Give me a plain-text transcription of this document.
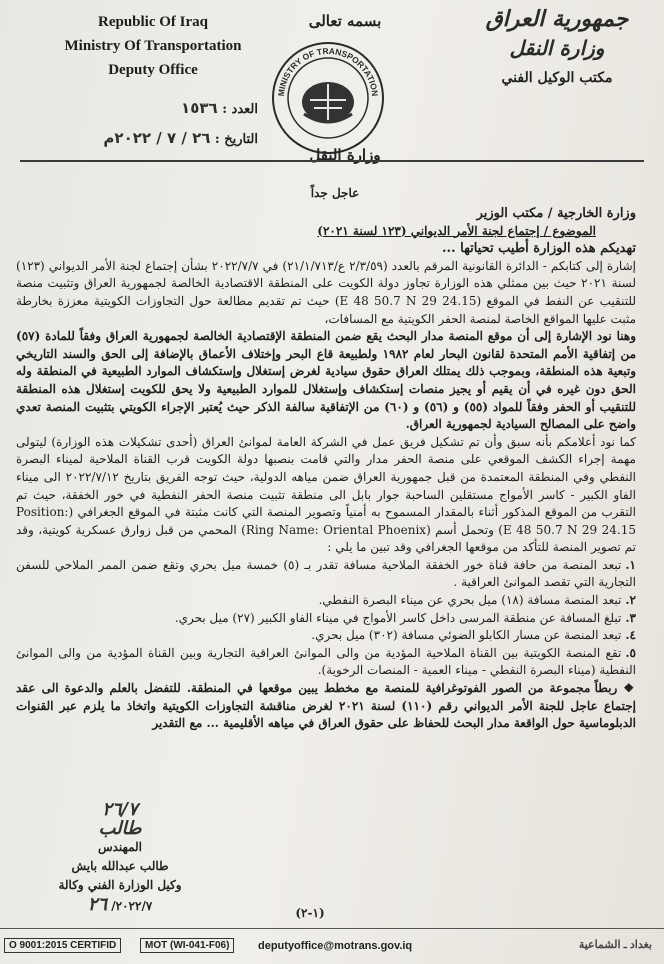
Republic Of Iraq
Ministry Of Transportation
Deputy Office
جمهورية العراق
وزارة النقل
مكتب الوكيل الفني
بسمه تعالى
MINISTRY OF TRANSPORTATION
وزارة النقل
العدد : ١٥٣٦
التاريخ : ٢٦ / ٧ / ٢٠٢٢م
عاجل جداً

وزارة الخارجية / مكتب الوزير

الموضوع / إجتماع لجنة الأمر الديواني (١٢٣ لسنة ٢٠٢١)

تهديكم هذه الوزارة أطيب تحياتها ...

إشارة إلى كتابكم - الدائرة القانونية المرقم بالعدد (٢/٣/٥٩ ع/٢١/١/٧١٣) في ٢٠٢٢/٧/٧ بشأن إجتماع لجنة الأمر الديواني (١٢٣) لسنة ٢٠٢١ حيث بين ممثلي هذه الوزارة تجاوز دولة الكويت على المنطقة الاقتصادية الخالصة لجمهورية العراق وتثبيت منصة للتنقيب عن النفط في الموقع (E 48 50.7 N 29 24.15) حيث تم تقديم مطالعة حول التجاوزات الكويتية معززة بخارطة مثبت عليها المواقع الخاصة لمنصة الحفر الكويتية مع المسافات،

وهنا نود الإشارة إلى أن موقع المنصة مدار البحث يقع ضمن المنطقة الإقتصادية الخالصة لجمهورية العراق وفقاً للمادة (٥٧) من إتفاقية الأمم المتحدة لقانون البحار لعام ١٩٨٢ ولطبيعة قاع البحر وإختلاف الأعماق بالإضافة إلى الحق والسند التاريخي وتبعية هذه المنطقة، وبموجب ذلك يمتلك العراق حقوق سيادية لغرض إستغلال وإستكشاف الموارد الطبيعية في المنطقة وله الحق دون غيره في أن يقيم أو يجيز منصات إستكشاف وإستغلال للموارد الطبيعية ولا يحق للكويت إستغلال هذه المنطقة للتنقيب أو الحفر وفقاً للمواد (٥٥) و (٥٦) و (٦٠) من الإتفاقية سالفة الذكر حيث يُعتبر الإجراء الكويتي بتثبيت المنصة تعدي واضح على المصالح السيادية لجمهورية العراق.

كما نود أعلامكم بأنه سبق وأن تم تشكيل فريق عمل في الشركة العامة لموانئ العراق (أحدى تشكيلات هذه الوزارة) ليتولى مهمة إجراء الكشف الموقعي على منصة الحفر مدار والتي قامت بنصبها دولة الكويت قرب القناة الملاحية لميناء البصرة النفطي وفي المنطقة المعتمدة من قبل جمهورية العراق ضمن مياهه الدولية، حيث توجه الفريق بتاريخ ٢٠٢٢/٧/١٢ الى ميناء الفاو الكبير - كاسر الأمواج مستقلين الساحبة جوار بابل الى منطقة تثبيت منصة الحفر النفطية في خور الخفقة، حيث تم التقرب من الموقع المذكور أثناء بالمقدار المسموح به أمنياً وتصوير المنصة التي كانت مثبتة في الموقع الجغرافي (Position: E 48 50.7 N 29 24.15) وتحمل أسم (Ring Name: Oriental Phoenix) المحمي من قبل زوارق عسكرية كويتية، وقد تم تصوير المنصة للتأكد من موقعها الجغرافي وقد تبين ما يلي :

١.تبعد المنصة من حافة قناة خور الخفقة الملاحية مسافة تقدر بـ (٥) خمسة ميل بحري وتقع ضمن الممر الملاحي للسفن التجارية التي تقصد الموانئ العراقية .
٢.تبعد المنصة مسافة (١٨) ميل بحري عن ميناء البصرة النفطي.
٣.تبلغ المسافة عن منطقة المرسى داخل كاسر الأمواج في ميناء الفاو الكبير (٢٧) ميل بحري.
٤.تبعد المنصة عن مسار الكابلو الضوئي مسافة (٣٠٢) ميل بحري.
٥.تقع المنصة الكويتية بين القناة الملاحية المؤدية من والى الموانئ العراقية التجارية وبين القناة المؤدية من والى الموانئ النفطية (ميناء البصرة النفطي - ميناء العمية - المنصات الرخوية).

❖ ربطاً مجموعة من الصور الفوتوغرافية للمنصة مع مخطط يبين موقعها في المنطقة. للتفضل بالعلم والدعوة الى عقد إجتماع عاجل للجنة الأمر الديواني رقم (١١٠) لسنة ٢٠٢١ لغرض مناقشة التجاوزات الكويتية واتخاذ ما يلزم عبر القنوات الدبلوماسية حول الواقعة مدار البحث للحفاظ على حقوق العراق في مياهه الأقليمية ... مع التقدير

٢٦/٧
طالب
المهندس
طالب عبدالله بايش
وكيل الوزارة الفني وكالة
٢٠٢٢/٧/ ٢٦	(١-٢)
O 9001:2015 CERTIFID	MOT (WI-041-F06)	deputyoffice@motrans.gov.iq	بغداد ـ الشماعية
